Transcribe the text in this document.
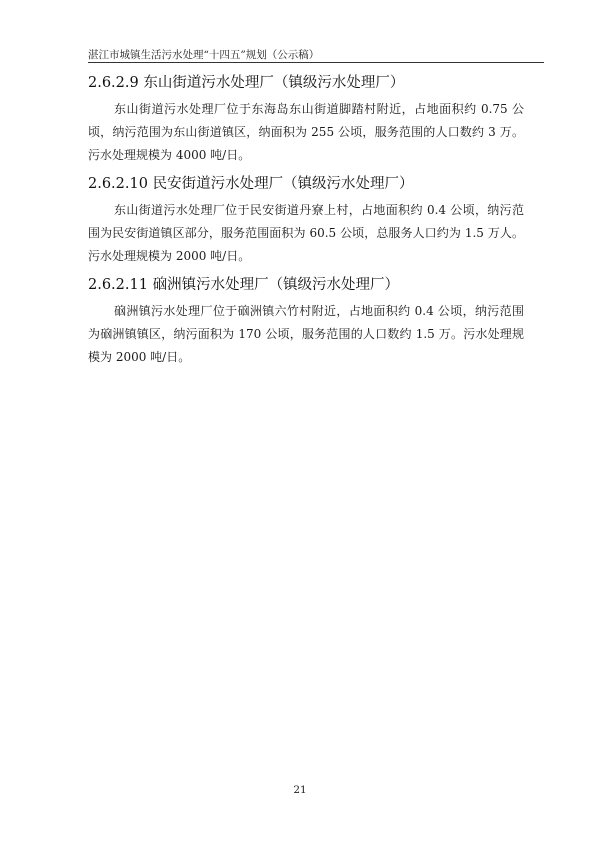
湛江市城镇生活污水处理“十四五”规划（公示稿）
2.6.2.9 东山街道污水处理厂（镇级污水处理厂）

东山街道污水处理厂位于东海岛东山街道脚踏村附近，占地面积约 0.75 公顷，纳污范围为东山街道镇区，纳面积为 255 公顷，服务范围的人口数约 3 万。污水处理规模为 4000 吨/日。

2.6.2.10 民安街道污水处理厂（镇级污水处理厂）

东山街道污水处理厂位于民安街道丹寮上村，占地面积约 0.4 公顷，纳污范围为民安街道镇区部分，服务范围面积为 60.5 公顷，总服务人口约为 1.5 万人。污水处理规模为 2000 吨/日。

2.6.2.11 硇洲镇污水处理厂（镇级污水处理厂）

硇洲镇污水处理厂位于硇洲镇六竹村附近，占地面积约 0.4 公顷，纳污范围为硇洲镇镇区，纳污面积为 170 公顷，服务范围的人口数约 1.5 万。污水处理规模为 2000 吨/日。

21
